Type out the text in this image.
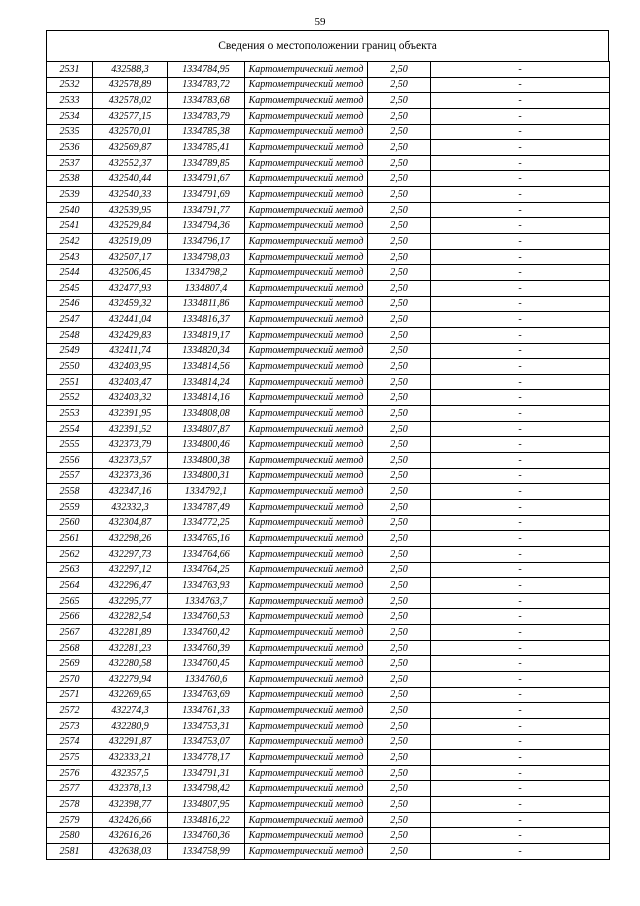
59
Сведения о местоположении границ объекта
2531	432588,3	1334784,95	Картометрический метод	2,50	-
2532	432578,89	1334783,72	Картометрический метод	2,50	-
2533	432578,02	1334783,68	Картометрический метод	2,50	-
2534	432577,15	1334783,79	Картометрический метод	2,50	-
2535	432570,01	1334785,38	Картометрический метод	2,50	-
2536	432569,87	1334785,41	Картометрический метод	2,50	-
2537	432552,37	1334789,85	Картометрический метод	2,50	-
2538	432540,44	1334791,67	Картометрический метод	2,50	-
2539	432540,33	1334791,69	Картометрический метод	2,50	-
2540	432539,95	1334791,77	Картометрический метод	2,50	-
2541	432529,84	1334794,36	Картометрический метод	2,50	-
2542	432519,09	1334796,17	Картометрический метод	2,50	-
2543	432507,17	1334798,03	Картометрический метод	2,50	-
2544	432506,45	1334798,2	Картометрический метод	2,50	-
2545	432477,93	1334807,4	Картометрический метод	2,50	-
2546	432459,32	1334811,86	Картометрический метод	2,50	-
2547	432441,04	1334816,37	Картометрический метод	2,50	-
2548	432429,83	1334819,17	Картометрический метод	2,50	-
2549	432411,74	1334820,34	Картометрический метод	2,50	-
2550	432403,95	1334814,56	Картометрический метод	2,50	-
2551	432403,47	1334814,24	Картометрический метод	2,50	-
2552	432403,32	1334814,16	Картометрический метод	2,50	-
2553	432391,95	1334808,08	Картометрический метод	2,50	-
2554	432391,52	1334807,87	Картометрический метод	2,50	-
2555	432373,79	1334800,46	Картометрический метод	2,50	-
2556	432373,57	1334800,38	Картометрический метод	2,50	-
2557	432373,36	1334800,31	Картометрический метод	2,50	-
2558	432347,16	1334792,1	Картометрический метод	2,50	-
2559	432332,3	1334787,49	Картометрический метод	2,50	-
2560	432304,87	1334772,25	Картометрический метод	2,50	-
2561	432298,26	1334765,16	Картометрический метод	2,50	-
2562	432297,73	1334764,66	Картометрический метод	2,50	-
2563	432297,12	1334764,25	Картометрический метод	2,50	-
2564	432296,47	1334763,93	Картометрический метод	2,50	-
2565	432295,77	1334763,7	Картометрический метод	2,50	-
2566	432282,54	1334760,53	Картометрический метод	2,50	-
2567	432281,89	1334760,42	Картометрический метод	2,50	-
2568	432281,23	1334760,39	Картометрический метод	2,50	-
2569	432280,58	1334760,45	Картометрический метод	2,50	-
2570	432279,94	1334760,6	Картометрический метод	2,50	-
2571	432269,65	1334763,69	Картометрический метод	2,50	-
2572	432274,3	1334761,33	Картометрический метод	2,50	-
2573	432280,9	1334753,31	Картометрический метод	2,50	-
2574	432291,87	1334753,07	Картометрический метод	2,50	-
2575	432333,21	1334778,17	Картометрический метод	2,50	-
2576	432357,5	1334791,31	Картометрический метод	2,50	-
2577	432378,13	1334798,42	Картометрический метод	2,50	-
2578	432398,77	1334807,95	Картометрический метод	2,50	-
2579	432426,66	1334816,22	Картометрический метод	2,50	-
2580	432616,26	1334760,36	Картометрический метод	2,50	-
2581	432638,03	1334758,99	Картометрический метод	2,50	-
